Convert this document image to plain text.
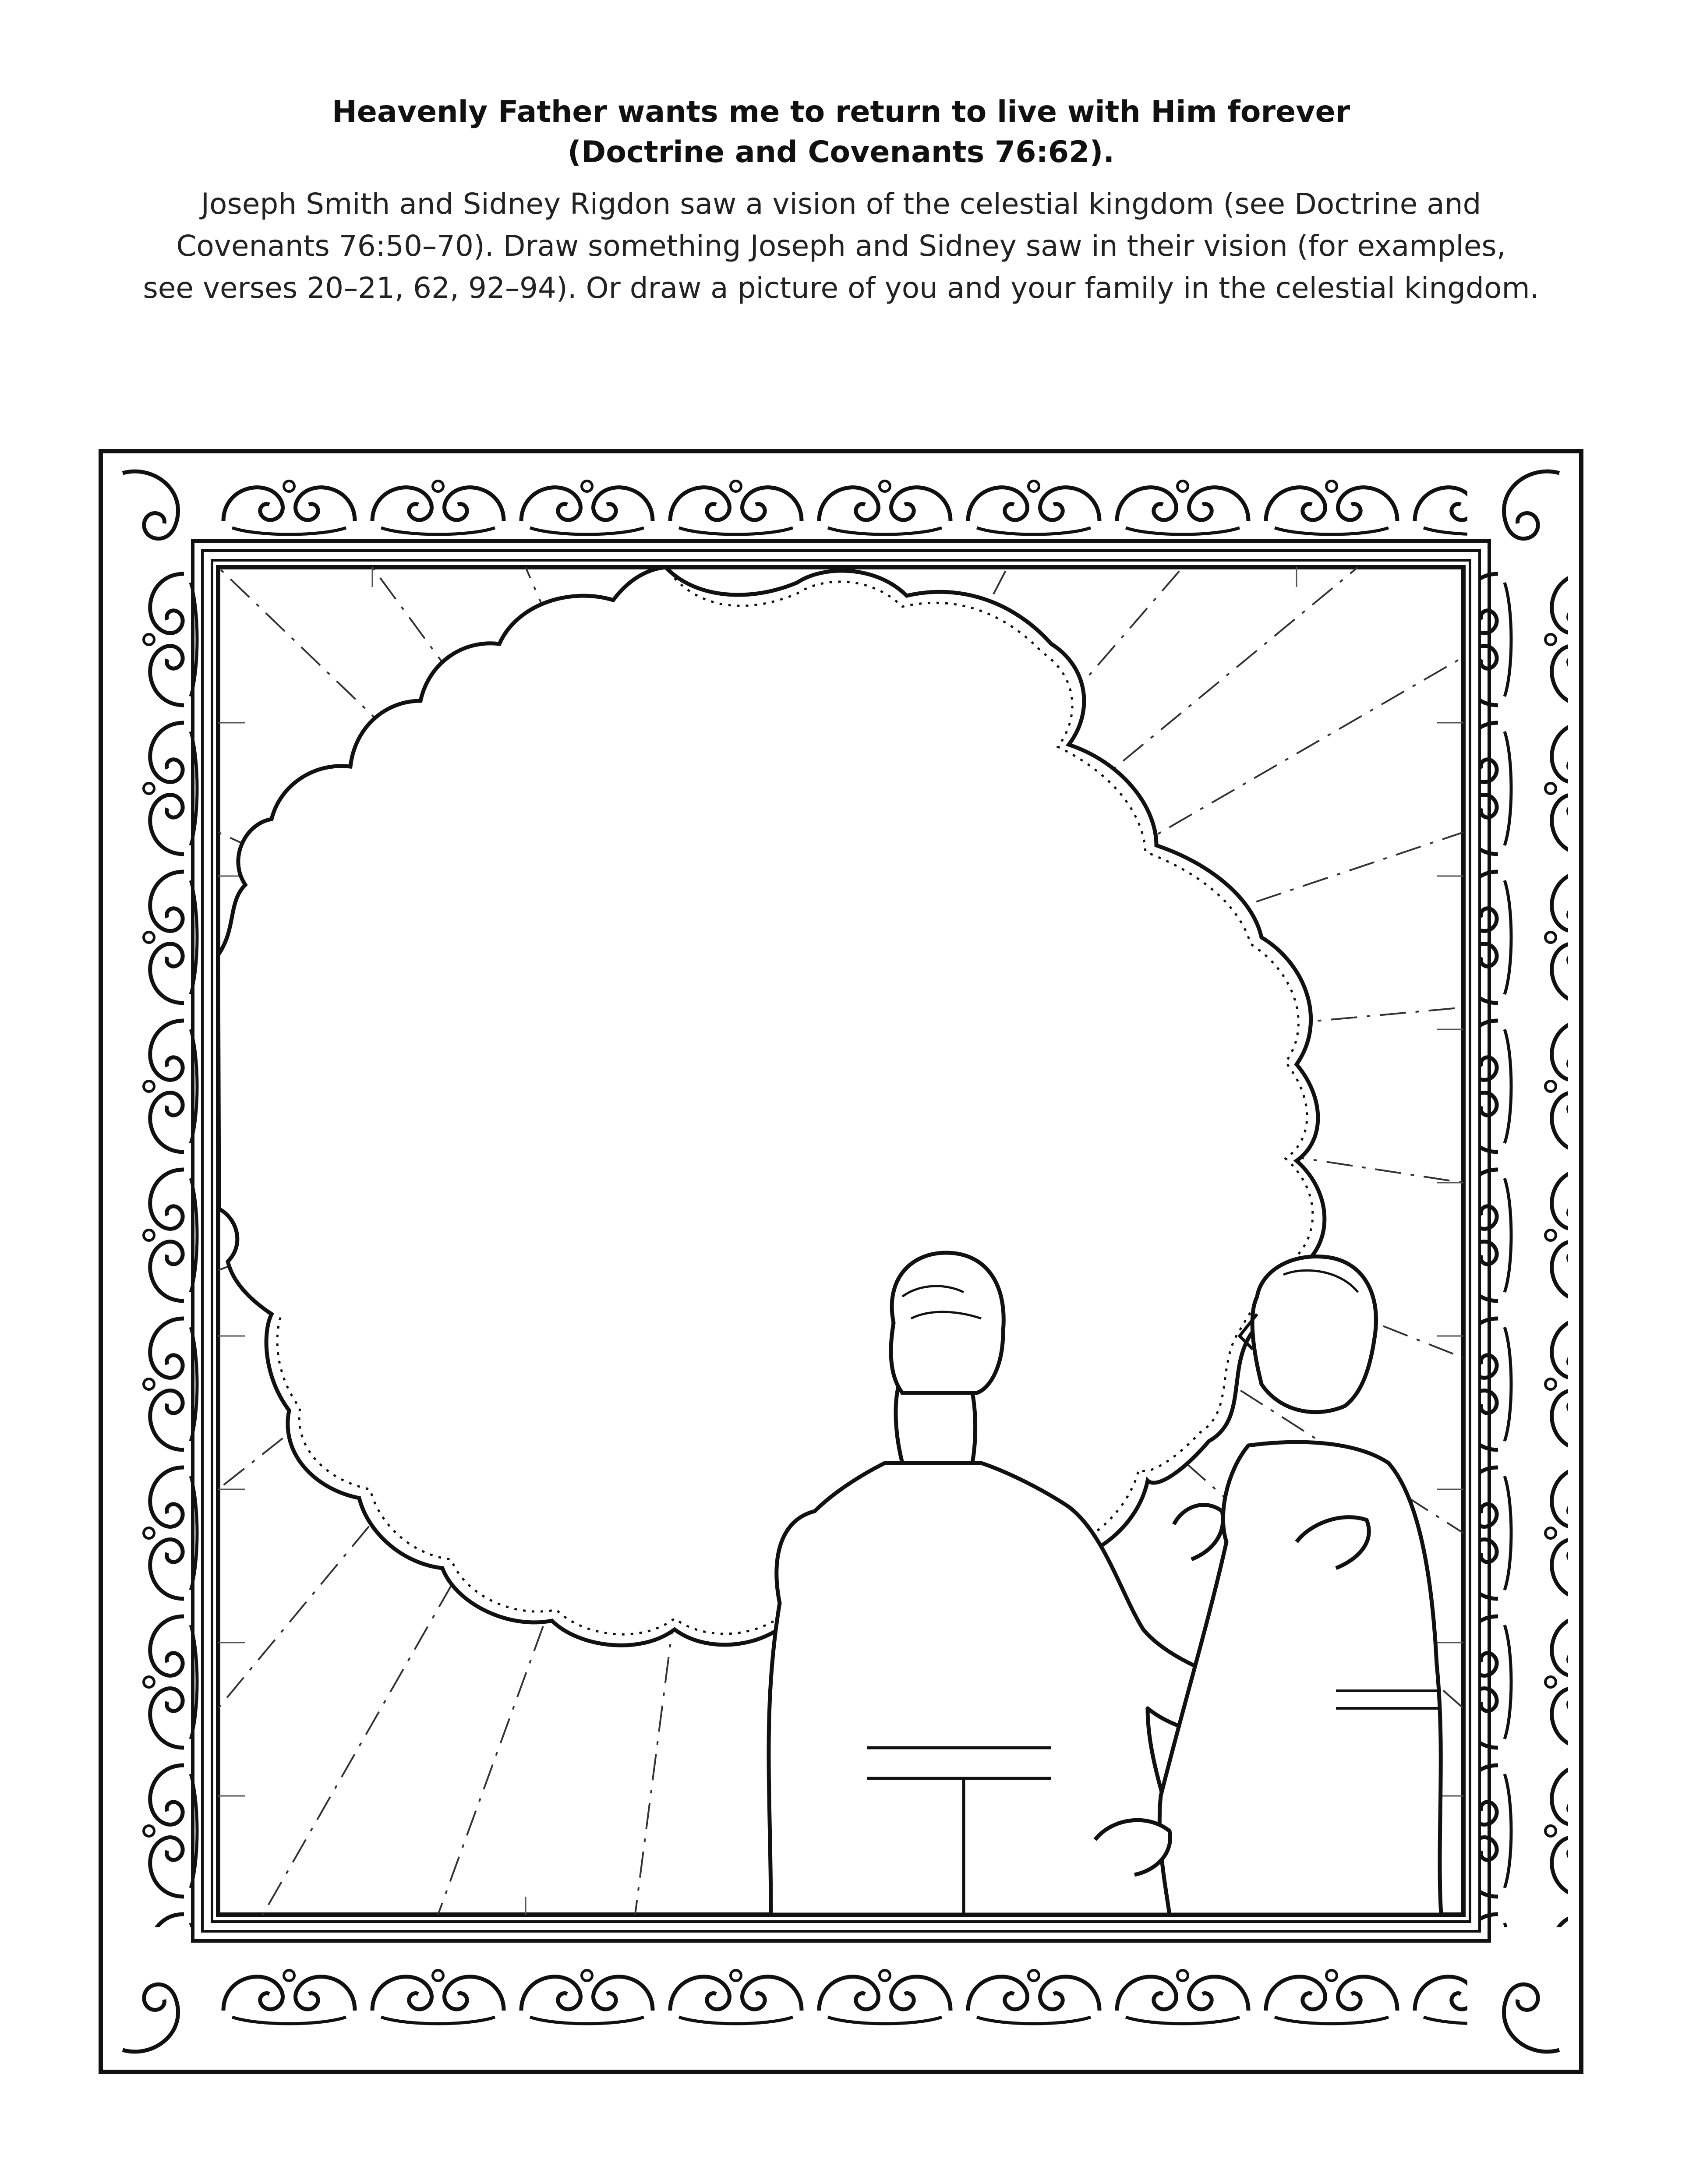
Heavenly Father wants me to return to live with Him forever
(Doctrine and Covenants 76:62).
Joseph Smith and Sidney Rigdon saw a vision of the celestial kingdom (see Doctrine and
Covenants 76:50–70). Draw something Joseph and Sidney saw in their vision (for examples,
see verses 20–21, 62, 92–94). Or draw a picture of you and your family in the celestial kingdom.
